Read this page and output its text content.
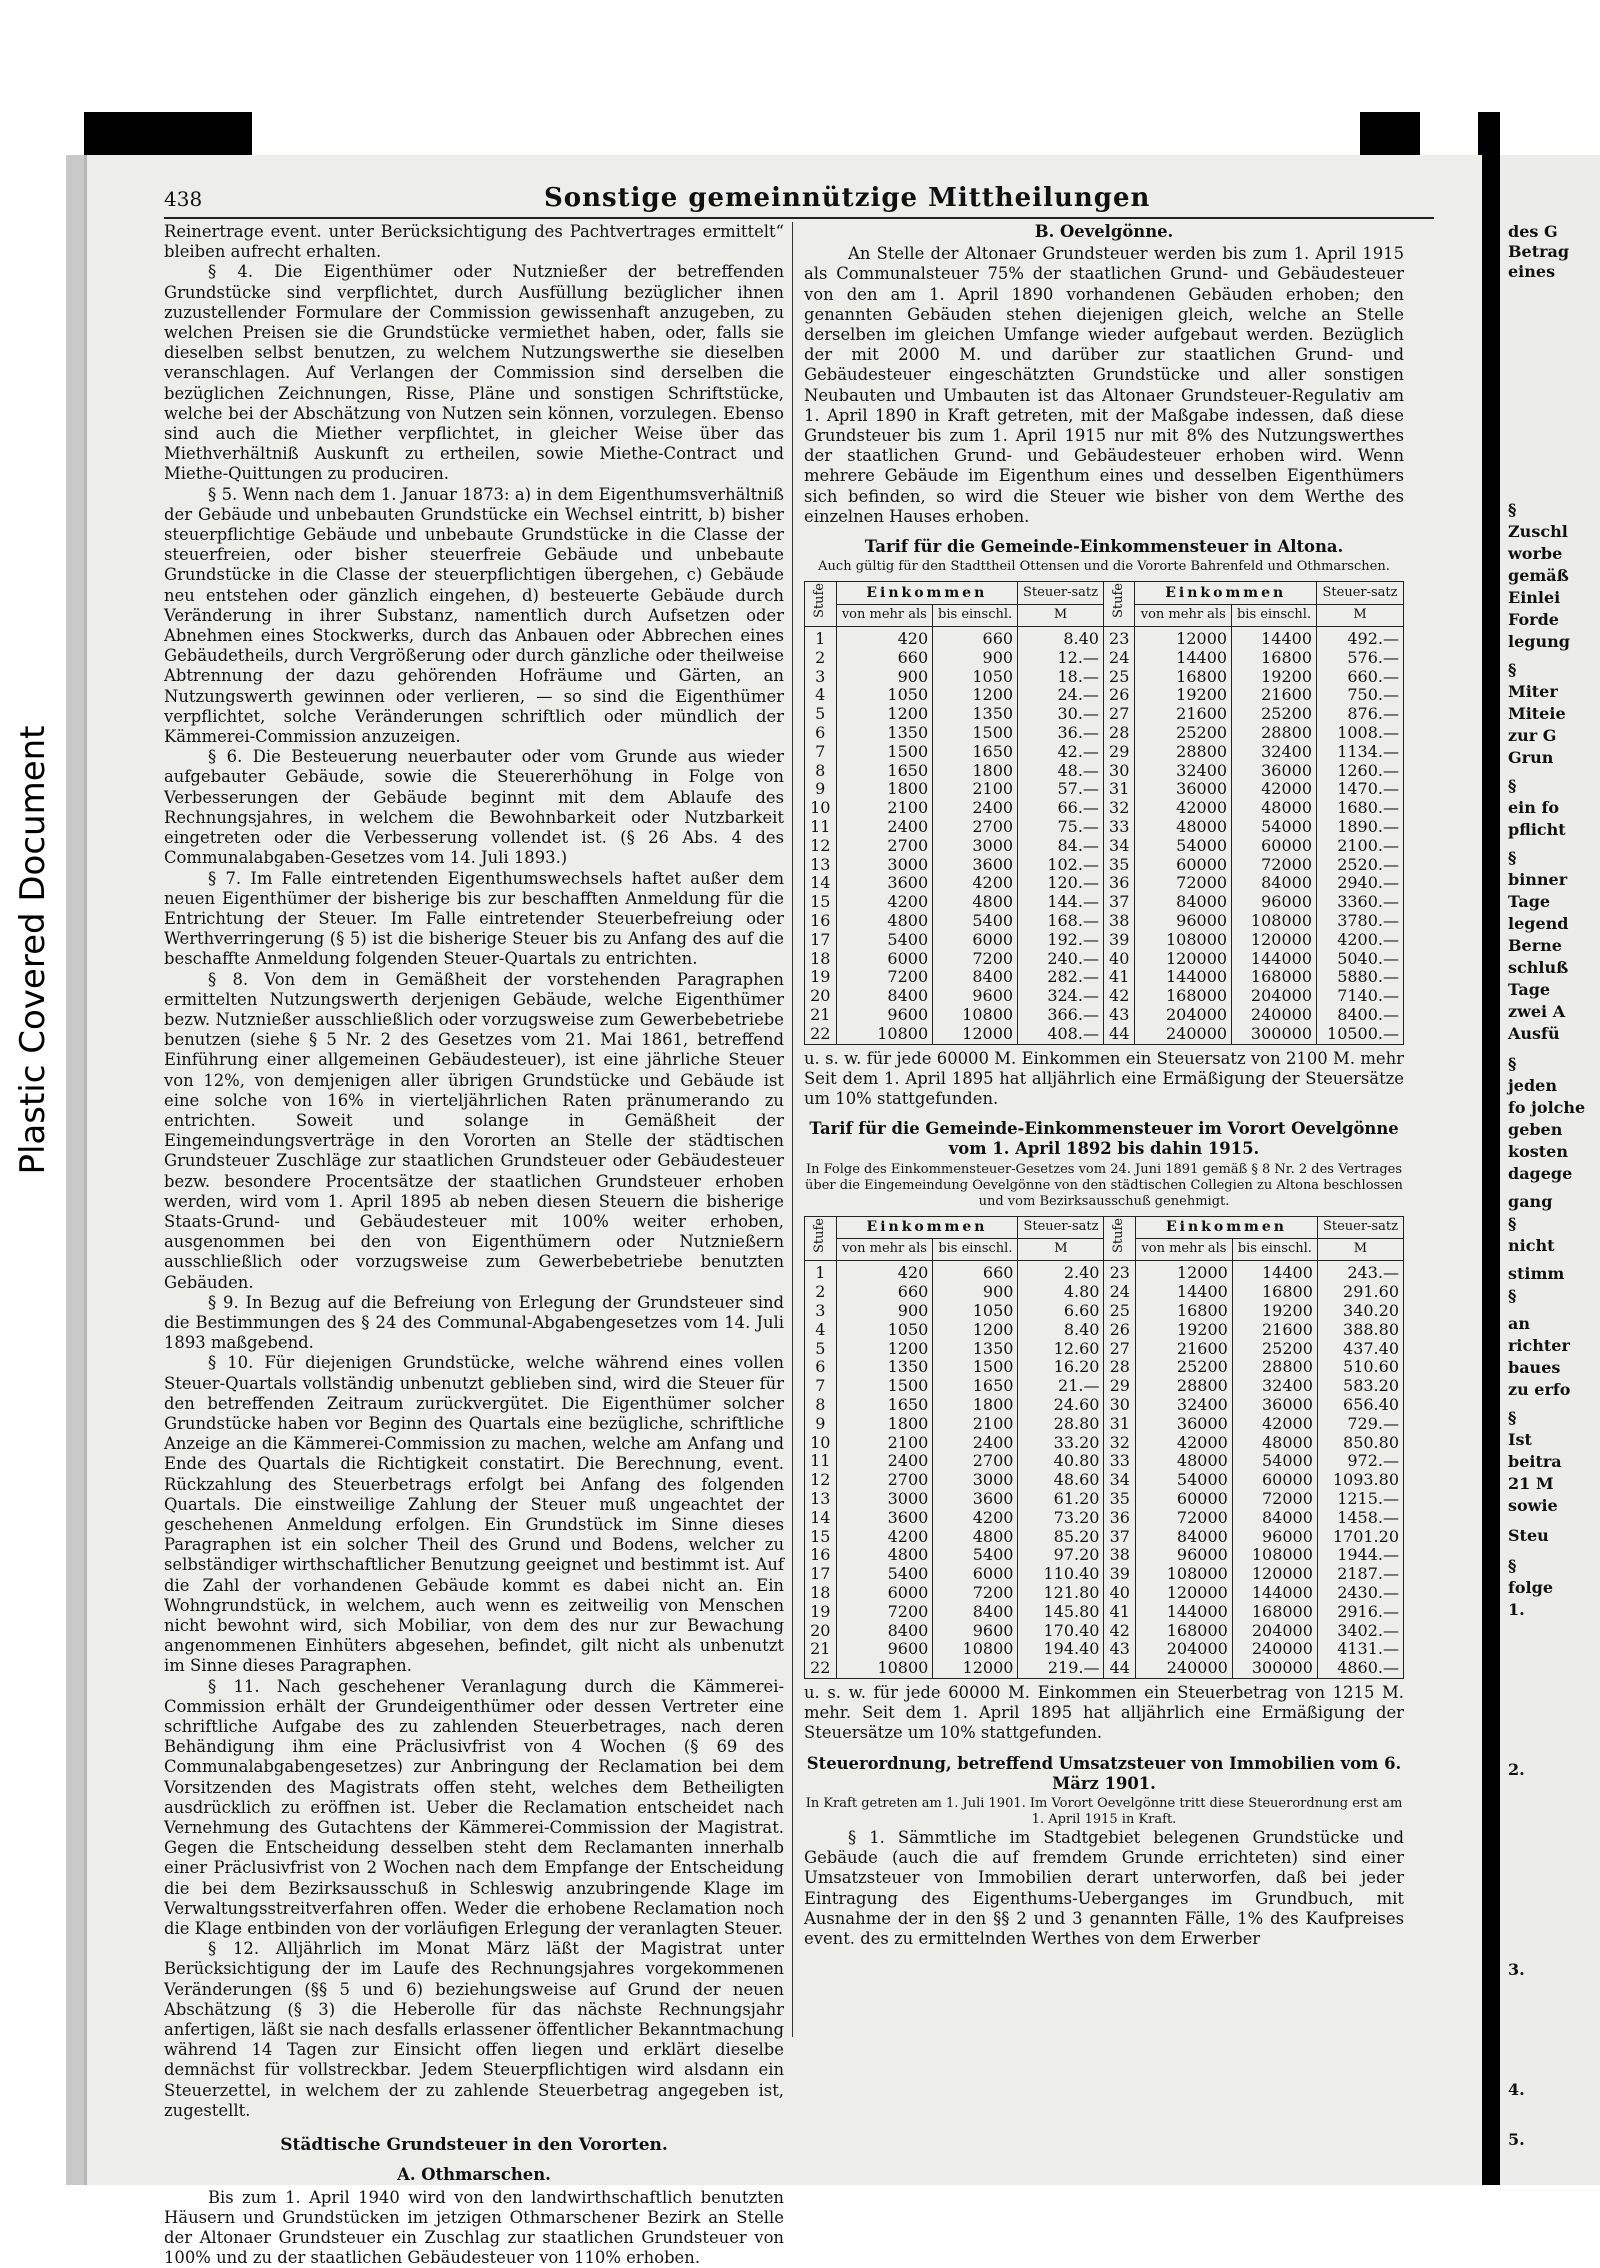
Plastic Covered Document
438	Sonstige gemeinnützige Mittheilungen

Reinertrage event. unter Berücksichtigung des Pachtvertrages ermittelt“ bleiben aufrecht erhalten.

§ 4. Die Eigenthümer oder Nutznießer der betreffenden Grundstücke sind verpflichtet, durch Ausfüllung bezüglicher ihnen zuzustellender Formulare der Commission gewissenhaft anzugeben, zu welchen Preisen sie die Grundstücke vermiethet haben, oder, falls sie dieselben selbst benutzen, zu welchem Nutzungswerthe sie dieselben veranschlagen. Auf Verlangen der Commission sind derselben die bezüglichen Zeichnungen, Risse, Pläne und sonstigen Schriftstücke, welche bei der Abschätzung von Nutzen sein können, vorzulegen. Ebenso sind auch die Miether verpflichtet, in gleicher Weise über das Miethverhältniß Auskunft zu ertheilen, sowie Miethe-Contract und Miethe-Quittungen zu produciren.

§ 5. Wenn nach dem 1. Januar 1873: a) in dem Eigenthumsverhältniß der Gebäude und unbebauten Grundstücke ein Wechsel eintritt, b) bisher steuerpflichtige Gebäude und unbebaute Grundstücke in die Classe der steuerfreien, oder bisher steuerfreie Gebäude und unbebaute Grundstücke in die Classe der steuerpflichtigen übergehen, c) Gebäude neu entstehen oder gänzlich eingehen, d) besteuerte Gebäude durch Veränderung in ihrer Substanz, namentlich durch Aufsetzen oder Abnehmen eines Stockwerks, durch das Anbauen oder Abbrechen eines Gebäudetheils, durch Vergrößerung oder durch gänzliche oder theilweise Abtrennung der dazu gehörenden Hofräume und Gärten, an Nutzungswerth gewinnen oder verlieren, — so sind die Eigenthümer verpflichtet, solche Veränderungen schriftlich oder mündlich der Kämmerei-Commission anzuzeigen.

§ 6. Die Besteuerung neuerbauter oder vom Grunde aus wieder aufgebauter Gebäude, sowie die Steuererhöhung in Folge von Verbesserungen der Gebäude beginnt mit dem Ablaufe des Rechnungsjahres, in welchem die Bewohnbarkeit oder Nutzbarkeit eingetreten oder die Verbesserung vollendet ist. (§ 26 Abs. 4 des Communalabgaben-Gesetzes vom 14. Juli 1893.)

§ 7. Im Falle eintretenden Eigenthumswechsels haftet außer dem neuen Eigenthümer der bisherige bis zur beschafften Anmeldung für die Entrichtung der Steuer. Im Falle eintretender Steuerbefreiung oder Werthverringerung (§ 5) ist die bisherige Steuer bis zu Anfang des auf die beschaffte Anmeldung folgenden Steuer-Quartals zu entrichten.

§ 8. Von dem in Gemäßheit der vorstehenden Paragraphen ermittelten Nutzungswerth derjenigen Gebäude, welche Eigenthümer bezw. Nutznießer ausschließlich oder vorzugsweise zum Gewerbebetriebe benutzen (siehe § 5 Nr. 2 des Gesetzes vom 21. Mai 1861, betreffend Einführung einer allgemeinen Gebäudesteuer), ist eine jährliche Steuer von 12%, von demjenigen aller übrigen Grundstücke und Gebäude ist eine solche von 16% in vierteljährlichen Raten pränumerando zu entrichten. Soweit und solange in Gemäßheit der Eingemeindungsverträge in den Vororten an Stelle der städtischen Grundsteuer Zuschläge zur staatlichen Grundsteuer oder Gebäudesteuer bezw. besondere Procentsätze der staatlichen Grundsteuer erhoben werden, wird vom 1. April 1895 ab neben diesen Steuern die bisherige Staats-Grund- und Gebäudesteuer mit 100% weiter erhoben, ausgenommen bei den von Eigenthümern oder Nutznießern ausschließlich oder vorzugsweise zum Gewerbebetriebe benutzten Gebäuden.

§ 9. In Bezug auf die Befreiung von Erlegung der Grundsteuer sind die Bestimmungen des § 24 des Communal-Abgabengesetzes vom 14. Juli 1893 maßgebend.

§ 10. Für diejenigen Grundstücke, welche während eines vollen Steuer-Quartals vollständig unbenutzt geblieben sind, wird die Steuer für den betreffenden Zeitraum zurückvergütet. Die Eigenthümer solcher Grundstücke haben vor Beginn des Quartals eine bezügliche, schriftliche Anzeige an die Kämmerei-Commission zu machen, welche am Anfang und Ende des Quartals die Richtigkeit constatirt. Die Berechnung, event. Rückzahlung des Steuerbetrags erfolgt bei Anfang des folgenden Quartals. Die einstweilige Zahlung der Steuer muß ungeachtet der geschehenen Anmeldung erfolgen. Ein Grundstück im Sinne dieses Paragraphen ist ein solcher Theil des Grund und Bodens, welcher zu selbständiger wirthschaftlicher Benutzung geeignet und bestimmt ist. Auf die Zahl der vorhandenen Gebäude kommt es dabei nicht an. Ein Wohngrundstück, in welchem, auch wenn es zeitweilig von Menschen nicht bewohnt wird, sich Mobiliar, von dem des nur zur Bewachung angenommenen Einhüters abgesehen, befindet, gilt nicht als unbenutzt im Sinne dieses Paragraphen.

§ 11. Nach geschehener Veranlagung durch die Kämmerei-Commission erhält der Grundeigenthümer oder dessen Vertreter eine schriftliche Aufgabe des zu zahlenden Steuerbetrages, nach deren Behändigung ihm eine Präclusivfrist von 4 Wochen (§ 69 des Communalabgabengesetzes) zur Anbringung der Reclamation bei dem Vorsitzenden des Magistrats offen steht, welches dem Betheiligten ausdrücklich zu eröffnen ist. Ueber die Reclamation entscheidet nach Vernehmung des Gutachtens der Kämmerei-Commission der Magistrat. Gegen die Entscheidung desselben steht dem Reclamanten innerhalb einer Präclusivfrist von 2 Wochen nach dem Empfange der Entscheidung die bei dem Bezirksausschuß in Schleswig anzubringende Klage im Verwaltungsstreitverfahren offen. Weder die erhobene Reclamation noch die Klage entbinden von der vorläufigen Erlegung der veranlagten Steuer.

§ 12. Alljährlich im Monat März läßt der Magistrat unter Berücksichtigung der im Laufe des Rechnungsjahres vorgekommenen Veränderungen (§§ 5 und 6) beziehungsweise auf Grund der neuen Abschätzung (§ 3) die Heberolle für das nächste Rechnungsjahr anfertigen, läßt sie nach desfalls erlassener öffentlicher Bekanntmachung während 14 Tagen zur Einsicht offen liegen und erklärt dieselbe demnächst für vollstreckbar. Jedem Steuerpflichtigen wird alsdann ein Steuerzettel, in welchem der zu zahlende Steuerbetrag angegeben ist, zugestellt.

Städtische Grundsteuer in den Vororten.

A. Othmarschen.

Bis zum 1. April 1940 wird von den landwirthschaftlich benutzten Häusern und Grundstücken im jetzigen Othmarschener Bezirk an Stelle der Altonaer Grundsteuer ein Zuschlag zur staatlichen Grundsteuer von 100% und zu der staatlichen Gebäudesteuer von 110% erhoben.

B. Oevelgönne.

An Stelle der Altonaer Grundsteuer werden bis zum 1. April 1915 als Communalsteuer 75% der staatlichen Grund- und Gebäudesteuer von den am 1. April 1890 vorhandenen Gebäuden erhoben; den genannten Gebäuden stehen diejenigen gleich, welche an Stelle derselben im gleichen Umfange wieder aufgebaut werden. Bezüglich der mit 2000 M. und darüber zur staatlichen Grund- und Gebäudesteuer eingeschätzten Grundstücke und aller sonstigen Neubauten und Umbauten ist das Altonaer Grundsteuer-Regulativ am 1. April 1890 in Kraft getreten, mit der Maßgabe indessen, daß diese Grundsteuer bis zum 1. April 1915 nur mit 8% des Nutzungswerthes der staatlichen Grund- und Gebäudesteuer erhoben wird. Wenn mehrere Gebäude im Eigenthum eines und desselben Eigenthümers sich befinden, so wird die Steuer wie bisher von dem Werthe des einzelnen Hauses erhoben.

Tarif für die Gemeinde-Einkommensteuer in Altona.

Auch gültig für den Stadttheil Ottensen und die Vororte Bahrenfeld und Othmarschen.

Stufe	Einkommen		Steuer-satz	Stufe	Einkommen		Steuer-satz
	von mehr als	bis einschl.	M		von mehr als	bis einschl.	M
1	420	660	8.40	23	12000	14400	492.—
2	660	900	12.—	24	14400	16800	576.—
3	900	1050	18.—	25	16800	19200	660.—
4	1050	1200	24.—	26	19200	21600	750.—
5	1200	1350	30.—	27	21600	25200	876.—
6	1350	1500	36.—	28	25200	28800	1008.—
7	1500	1650	42.—	29	28800	32400	1134.—
8	1650	1800	48.—	30	32400	36000	1260.—
9	1800	2100	57.—	31	36000	42000	1470.—
10	2100	2400	66.—	32	42000	48000	1680.—
11	2400	2700	75.—	33	48000	54000	1890.—
12	2700	3000	84.—	34	54000	60000	2100.—
13	3000	3600	102.—	35	60000	72000	2520.—
14	3600	4200	120.—	36	72000	84000	2940.—
15	4200	4800	144.—	37	84000	96000	3360.—
16	4800	5400	168.—	38	96000	108000	3780.—
17	5400	6000	192.—	39	108000	120000	4200.—
18	6000	7200	240.—	40	120000	144000	5040.—
19	7200	8400	282.—	41	144000	168000	5880.—
20	8400	9600	324.—	42	168000	204000	7140.—
21	9600	10800	366.—	43	204000	240000	8400.—
22	10800	12000	408.—	44	240000	300000	10500.—

u. s. w. für jede 60000 M. Einkommen ein Steuersatz von 2100 M. mehr Seit dem 1. April 1895 hat alljährlich eine Ermäßigung der Steuersätze um 10% stattgefunden.

Tarif für die Gemeinde-Einkommensteuer im Vorort Oevelgönne vom 1. April 1892 bis dahin 1915.

In Folge des Einkommensteuer-Gesetzes vom 24. Juni 1891 gemäß § 8 Nr. 2 des Vertrages über die Eingemeindung Oevelgönne von den städtischen Collegien zu Altona beschlossen und vom Bezirksausschuß genehmigt.

Stufe	Einkommen		Steuer-satz	Stufe	Einkommen		Steuer-satz
	von mehr als	bis einschl.	M		von mehr als	bis einschl.	M
1	420	660	2.40	23	12000	14400	243.—
2	660	900	4.80	24	14400	16800	291.60
3	900	1050	6.60	25	16800	19200	340.20
4	1050	1200	8.40	26	19200	21600	388.80
5	1200	1350	12.60	27	21600	25200	437.40
6	1350	1500	16.20	28	25200	28800	510.60
7	1500	1650	21.—	29	28800	32400	583.20
8	1650	1800	24.60	30	32400	36000	656.40
9	1800	2100	28.80	31	36000	42000	729.—
10	2100	2400	33.20	32	42000	48000	850.80
11	2400	2700	40.80	33	48000	54000	972.—
12	2700	3000	48.60	34	54000	60000	1093.80
13	3000	3600	61.20	35	60000	72000	1215.—
14	3600	4200	73.20	36	72000	84000	1458.—
15	4200	4800	85.20	37	84000	96000	1701.20
16	4800	5400	97.20	38	96000	108000	1944.—
17	5400	6000	110.40	39	108000	120000	2187.—
18	6000	7200	121.80	40	120000	144000	2430.—
19	7200	8400	145.80	41	144000	168000	2916.—
20	8400	9600	170.40	42	168000	204000	3402.—
21	9600	10800	194.40	43	204000	240000	4131.—
22	10800	12000	219.—	44	240000	300000	4860.—

u. s. w. für jede 60000 M. Einkommen ein Steuerbetrag von 1215 M. mehr. Seit dem 1. April 1895 hat alljährlich eine Ermäßigung der Steuersätze um 10% stattgefunden.

Steuerordnung, betreffend Umsatzsteuer von Immobilien vom 6. März 1901.

In Kraft getreten am 1. Juli 1901. Im Vorort Oevelgönne tritt diese Steuerordnung erst am 1. April 1915 in Kraft.

§ 1. Sämmtliche im Stadtgebiet belegenen Grundstücke und Gebäude (auch die auf fremdem Grunde errichteten) sind einer Umsatzsteuer von Immobilien derart unterworfen, daß bei jeder Eintragung des Eigenthums-Ueberganges im Grundbuch, mit Ausnahme der in den §§ 2 und 3 genannten Fälle, 1% des Kaufpreises event. des zu ermittelnden Werthes von dem Erwerber

des G
Betrag
eines
§
Zuschl
worbe
gemäß
Einlei
Forde
legung
§
Miter
Miteie
zur G
Grun
§
ein fo
pflicht
§
binner
Tage
legend
Berne
schluß
Tage
zwei A
Ausfü
§
jeden
fo jolche
geben
kosten
dagege
gang
§
nicht
stimm
§
an
richter
baues
zu erfo
§
Ist
beitra
21 M
sowie
Steu
§
folge
1.
2.
3.
4.
5.
